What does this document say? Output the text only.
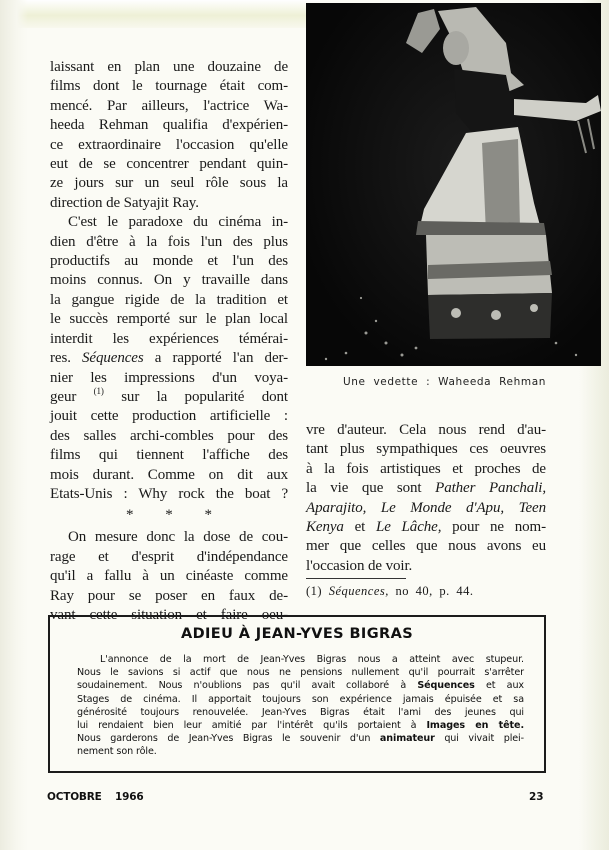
laissant en plan une douzaine de
films dont le tournage était com-
mencé. Par ailleurs, l'actrice Wa-
heeda Rehman qualifia d'expérien-
ce extraordinaire l'occasion qu'elle
eut de se concentrer pendant quin-
ze jours sur un seul rôle sous la
direction de Satyajit Ray.

C'est le paradoxe du cinéma in-
dien d'être à la fois l'un des plus
productifs au monde et l'un des
moins connus. On y travaille dans
la gangue rigide de la tradition et
le succès remporté sur le plan local
interdit les expériences témérai-
res. Séquences a rapporté l'an der-
nier les impressions d'un voya-
geur $^{(1)}$ sur la popularité dont
jouit cette production artificielle :
des salles archi-combles pour des
films qui tiennent l'affiche des
mois durant. Comme on dit aux
Etats-Unis : Why rock the boat ?

* * *

On mesure donc la dose de cou-
rage et d'esprit d'indépendance
qu'il a fallu à un cinéaste comme
Ray pour se poser en faux de-
vant cette situation et faire oeu-

Une vedette : Waheeda Rehman

vre d'auteur. Cela nous rend d'au-
tant plus sympathiques ces oeuvres
à la fois artistiques et proches de
la vie que sont Pather Panchali,
Aparajito, Le Monde d'Apu, Teen
Kenya et Le Lâche, pour ne nom-
mer que celles que nous avons eu
l'occasion de voir.

(1) Séquences, no 40, p. 44.
ADIEU À JEAN-YVES BIGRAS
L'annonce de la mort de Jean-Yves Bigras nous a atteint avec stupeur.
Nous le savions si actif que nous ne pensions nullement qu'il pourrait s'arrêter
soudainement. Nous n'oublions pas qu'il avait collaboré à Séquences et aux
Stages de cinéma. Il apportait toujours son expérience jamais épuisée et sa
générosité toujours renouvelée. Jean-Yves Bigras était l'ami des jeunes qui
lui rendaient bien leur amitié par l'intérêt qu'ils portaient à Images en tête.
Nous garderons de Jean-Yves Bigras le souvenir d'un animateur qui vivait plei-
nement son rôle.
OCTOBRE 1966	23
